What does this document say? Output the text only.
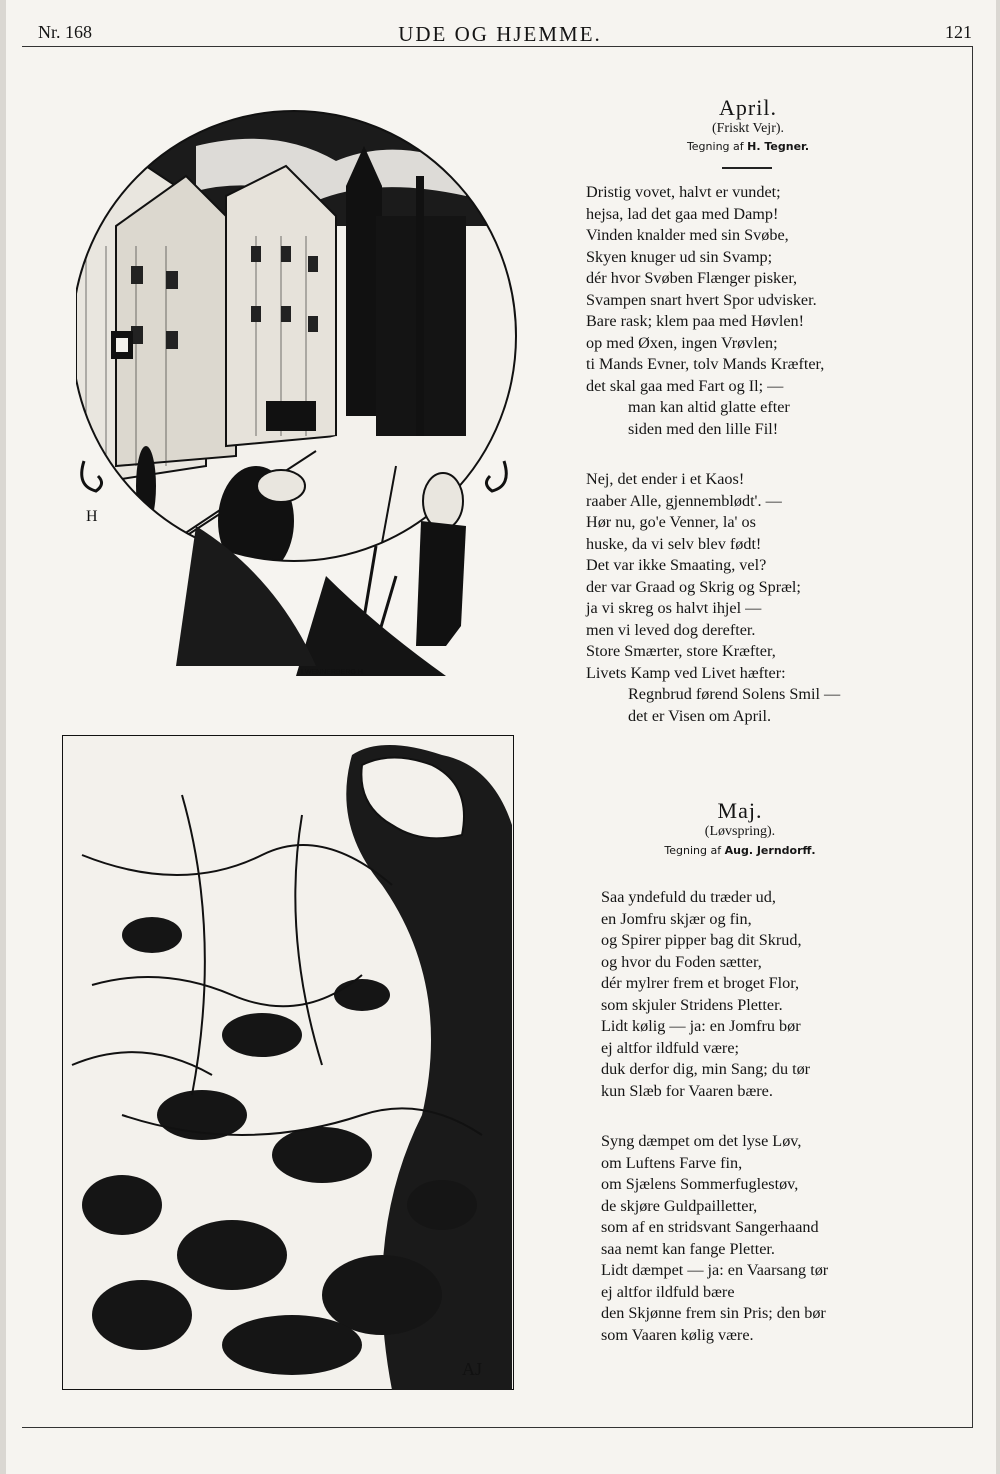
Nr. 168	UDE OG HJEMME.	121
H
I.WENNERBERG H.
AJ
April.
(Friskt Vejr).
Tegning af H. Tegner.
Dristig vovet, halvt er vundet;
hejsa, lad det gaa med Damp!
Vinden knalder med sin Svøbe,
Skyen knuger ud sin Svamp;
dér hvor Svøben Flænger pisker,
Svampen snart hvert Spor udvisker.
Bare rask; klem paa med Høvlen!
op med Øxen, ingen Vrøvlen;
ti Mands Evner, tolv Mands Kræfter,
det skal gaa med Fart og Il; —
man kan altid glatte efter
siden med den lille Fil!
Nej, det ender i et Kaos!
raaber Alle, gjennemblødt'. —
Hør nu, go'e Venner, la' os
huske, da vi selv blev født!
Det var ikke Smaating, vel?
der var Graad og Skrig og Spræl;
ja vi skreg os halvt ihjel —
men vi leved dog derefter.
Store Smærter, store Kræfter,
Livets Kamp ved Livet hæfter:
Regnbrud førend Solens Smil —
det er Visen om April.
Maj.
(Løvspring).
Tegning af Aug. Jerndorff.
Saa yndefuld du træder ud,
en Jomfru skjær og fin,
og Spirer pipper bag dit Skrud,
og hvor du Foden sætter,
dér mylrer frem et broget Flor,
som skjuler Stridens Pletter.
Lidt kølig — ja: en Jomfru bør
ej altfor ildfuld være;
duk derfor dig, min Sang; du tør
kun Slæb for Vaaren bære.
Syng dæmpet om det lyse Løv,
om Luftens Farve fin,
om Sjælens Sommerfuglestøv,
de skjøre Guldpailletter,
som af en stridsvant Sangerhaand
saa nemt kan fange Pletter.
Lidt dæmpet — ja: en Vaarsang tør
ej altfor ildfuld bære
den Skjønne frem sin Pris; den bør
som Vaaren kølig være.
